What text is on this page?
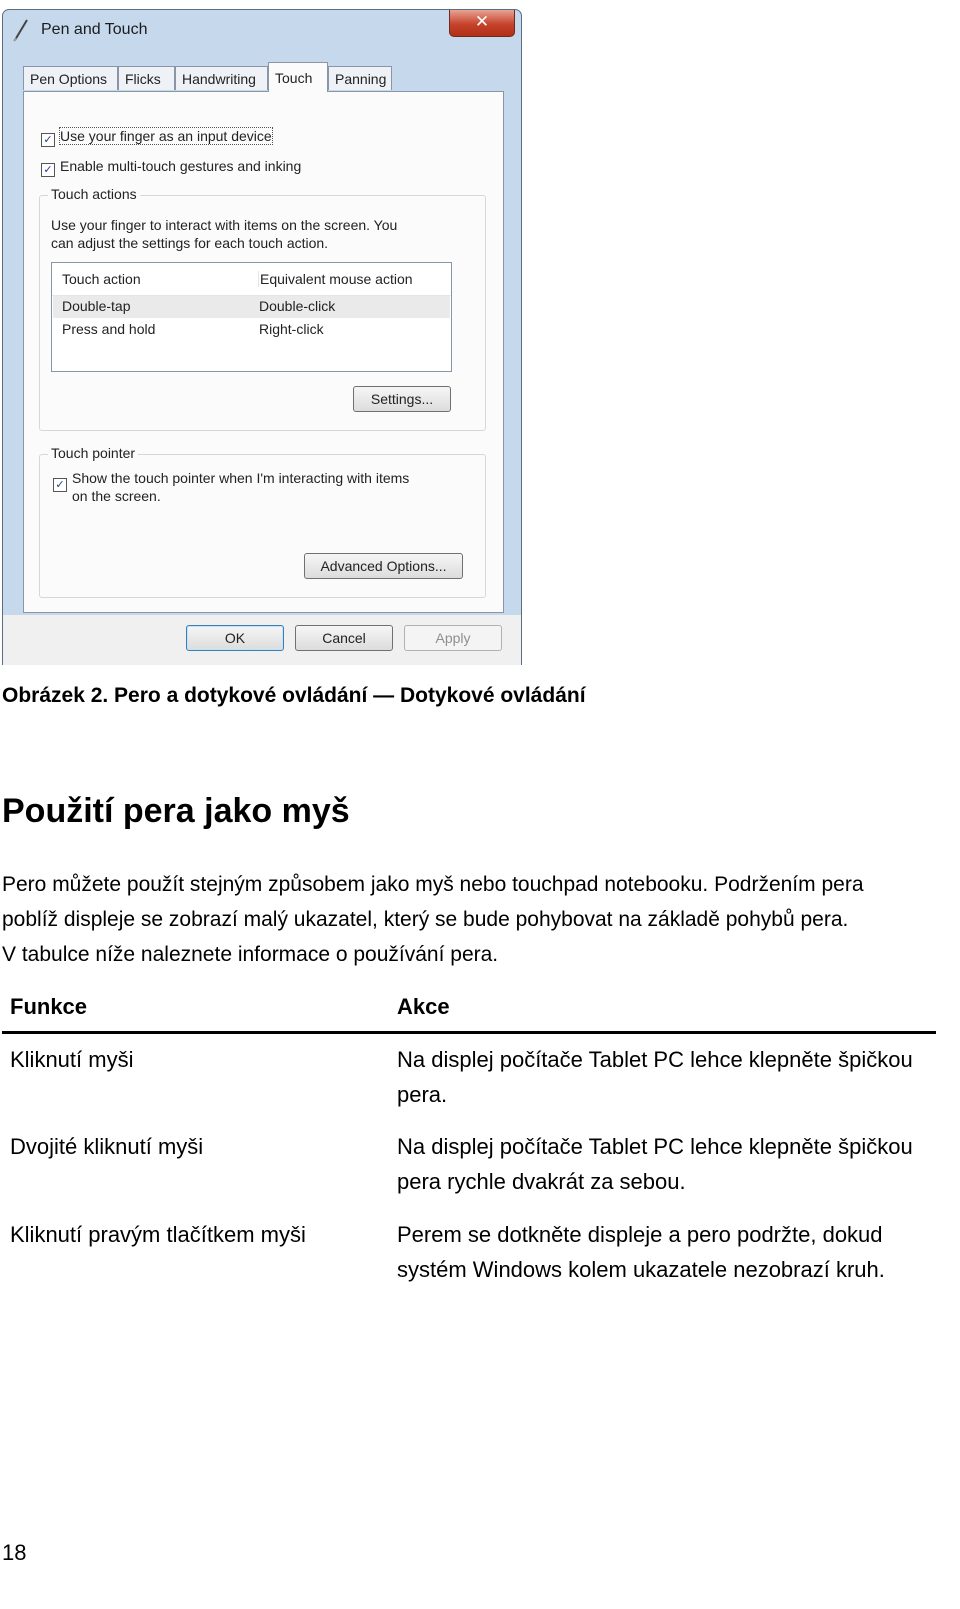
Pen and Touch	✕
Pen Options	Flicks	Handwriting	Touch	Panning
✓ Use your finger as an input device
✓ Enable multi-touch gestures and inking
Touch actions
Use your finger to interact with items on the screen. You
can adjust the settings for each touch action.
Touch action	Equivalent mouse action
Double-tap	Double-click
Press and hold	Right-click
Settings...
Touch pointer
✓ Show the touch pointer when I'm interacting with items
on the screen.
Advanced Options...
OK	Cancel	Apply
Obrázek 2. Pero a dotykové ovládání — Dotykové ovládání
Použití pera jako myš
Pero můžete použít stejným způsobem jako myš nebo touchpad notebooku. Podržením pera
poblíž displeje se zobrazí malý ukazatel, který se bude pohybovat na základě pohybů pera.
V tabulce níže naleznete informace o používání pera.
Funkce	Akce
Kliknutí myši	Na displej počítače Tablet PC lehce klepněte špičkou
pera.
Dvojité kliknutí myši	Na displej počítače Tablet PC lehce klepněte špičkou
pera rychle dvakrát za sebou.
Kliknutí pravým tlačítkem myši	Perem se dotkněte displeje a pero podržte, dokud
systém Windows kolem ukazatele nezobrazí kruh.
18
